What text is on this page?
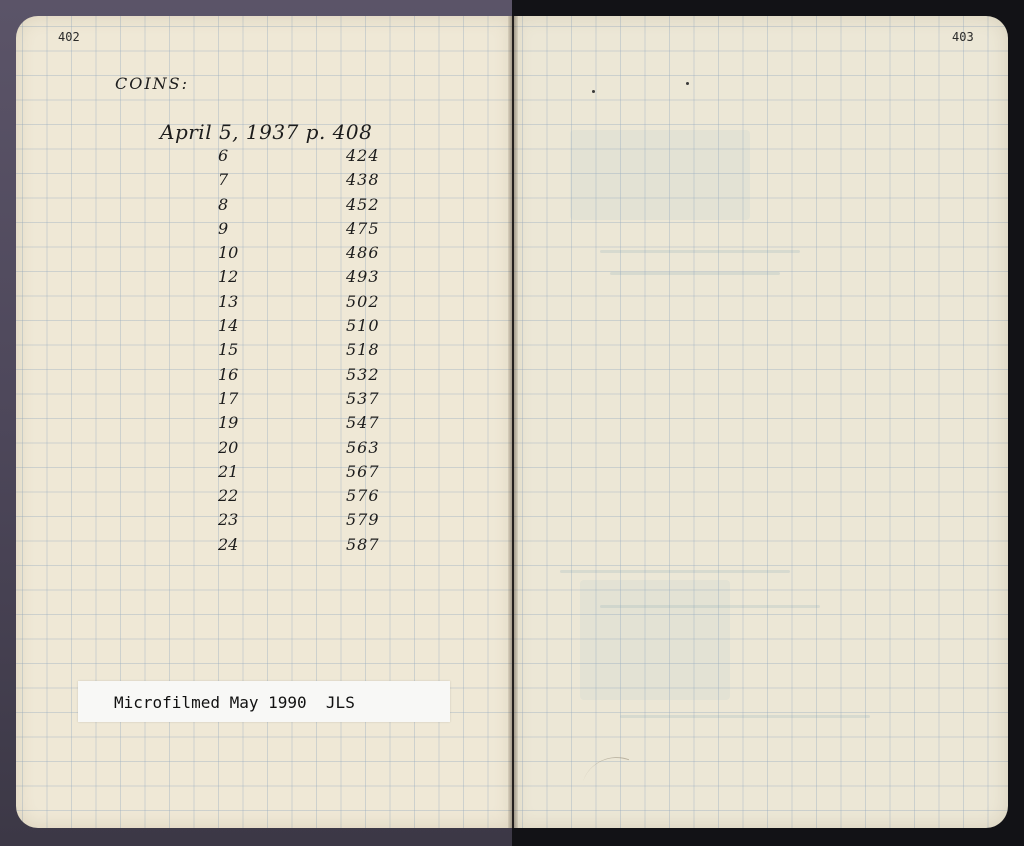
402	403
COINS:
April 5, 1937 p. 408
6	424
7	438
8	452
9	475
10	486
12	493
13	502
14	510
15	518
16	532
17	537
19	547
20	563
21	567
22	576
23	579
24	587
Microfilmed May 1990  JLS
